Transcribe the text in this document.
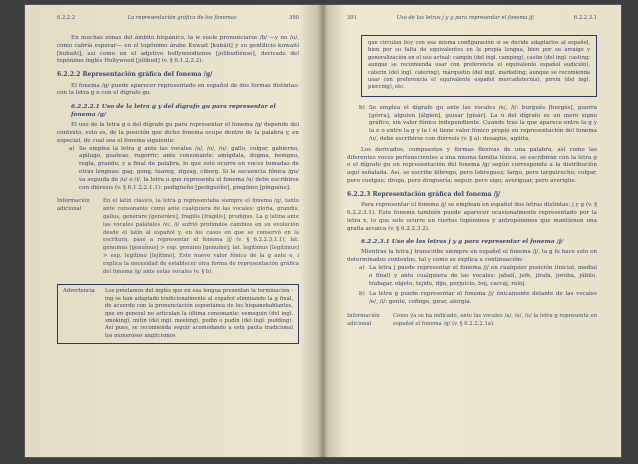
6.2.2.2	La representación gráfica de los fonemas	390

En muchas zonas del ámbito hispánico, la w suele pronunciarse /b/ —y no /u/, como cabría esperar— en el topónimo árabe Kuwait [kubáit] y su gentilicio kuwaití [kubaití], así como en el adjetivo hollywoodiense [jolibudiénse], derivado del topónimo inglés Hollywood [jólibud] (v. § 6.1.2.2.2).

6.2.2.2 Representación gráfica del fonema /g/

El fonema /g/ puede aparecer representado en español de dos formas distintas: con la letra g o con el dígrafo gu.

6.2.2.2.1 Uso de la letra g y del dígrafo gu para representar el fonema /g/

El uso de la letra g o del dígrafo gu para representar el fonema /g/ depende del contexto, esto es, de la posición que dicho fonema ocupe dentro de la palabra y, en especial, de cual sea el fonema siguiente:

a) Se emplea la letra g ante las vocales /a/, /o/, /u/: gallo, colgar, gabierno, apilugo, guateao, rugorrir; ante consonante: amígdala, dogma, benigno, regla, grande; y a final de palabra, lo que solo ocurre en voces tomadas de otras lenguas: gag, gong, tuareg, zigzag, ciborg. Si la secuencia fónica /gu/ va seguida de /u/ o /i/, la letra u que representa el fonema /u/ debe escribirse con diéresis (v. § 6.1.2.2.1.1): pedigüeño [pediguéño], pingüino [pinguíno].
Información adicional
En el latín clásico, la letra g representaba siempre el fonema /g/, tanto ante consonante como ante cualquiera de las vocales: gloria, grandis, gallus, generare [generáre], fragilis [frágilis], prodigus. La g latina ante las vocales palatales /e/, /i/ sufrió profundos cambios en su evolución desde el latín al español y, en los casos en que se conservó en la escritura, pasó a representar el fonema /j/ (v. § 6.2.2.3.1.1); lat. genuinus [genuínus] > esp. genuino [genuíno]; lat. legitimus [legítimus] > esp. legítimo [lejítimo]. Este nuevo valor fónico de la g ante e, i explica la necesidad de establecer otra forma de representación gráfica del fonema /g/ ante estas vocales (v. § b).
Advertencia	Los préstamos del inglés que en esa lengua presentan la terminación -ing se han adaptado tradicionalmente al español eliminando la g final, de acuerdo con la pronunciación espontánea de los hispanohablantes, que en general no articulan la última consonante: esmoquin (del ingl. smoking), mitin (del ingl. meeting), pudin o pudín (del ingl. pudding). Así pues, se recomienda seguir acomodando a esta pauta tradicional los numerosos anglicismos
391	Uso de las letras j y g para representar el fonema /j/	6.2.2.3.1
que circulan hoy con esa misma configuración si se decide adaptarlos al español, bien por su falta de equivalentes en la propia lengua, bien por su arraigo y generalización en el uso actual: campin (del ingl. camping), castin (del ingl. casting; aunque se recomienda usar con preferencia el equivalente español audición), cáterin (del ingl. catering), márquetin (del ingl. marketing; aunque se recomienda usar con preferencia el equivalente español mercadotecnia), pirsin (del ingl. piercing), etc.
b) Se emplea el dígrafo gu ante las vocales /e/, /i/: burgués [burgés], guerra [gérra], alguien [álgien], guisar [gisár]. La u del dígrafo es un mero signo gráfico, sin valor fónico independiente. Cuando tras la que aparece entre la g y la e o entre la g y la i si tiene valor fónico propio en representación del fonema /u/, debe escribirse con diéresis (v. § a): desagüe, agüita.

Los derivados, compuestos y formas flexivas de una palabra, así como las diferentes voces pertenecientes a una misma familia léxica, se escribirán con la letra g o el dígrafo gu en representación del fonema /g/ según corresponda a la distribución aquí señalada. Así, se escribe lóbrego, pero lobreguez; largo, pero larguirucho; colgar, pero cuelgue; droga, pero droguería; seguir, pero sigo; averiguar, pero averigüe.

6.2.2.3 Representación gráfica del fonema /j/

Para representar el fonema /j/ se emplean en español dos letras distintas: j y g (v. § 6.2.2.3.1). Este fonema también puede aparecer ocasionalmente representado por la letra x, lo que solo ocurre en ciertos topónimos y antropónimos que mantienen una grafía arcaica (v. § 6.2.2.3.2).

6.2.2.3.1 Uso de las letras j y g para representar el fonema /j/

Mientras la letra j transcribe siempre en español el fonema /j/, la g lo hace solo en determinados contextos, tal y como se explica a continuación:

a) La letra j puede representar el fonema /j/ en cualquier posición (inicial, medial o final) y ante cualquiera de las vocales: jabalí, jefe, jirafa, joroba, júbilo, trabajar, objeto, tejido, dijo, perjuicio, boj, carcaj, reloj.
b) La letra g puede representar el fonema /j/ únicamente delante de las vocales /e/, /i/: gente, cofinge, girar, alergia.
Información adicional
Como ya se ha indicado, ante las vocales /a/, /o/, /u/ la letra g representa en español el fonema /g/ (v. § 6.2.2.2.1a).
